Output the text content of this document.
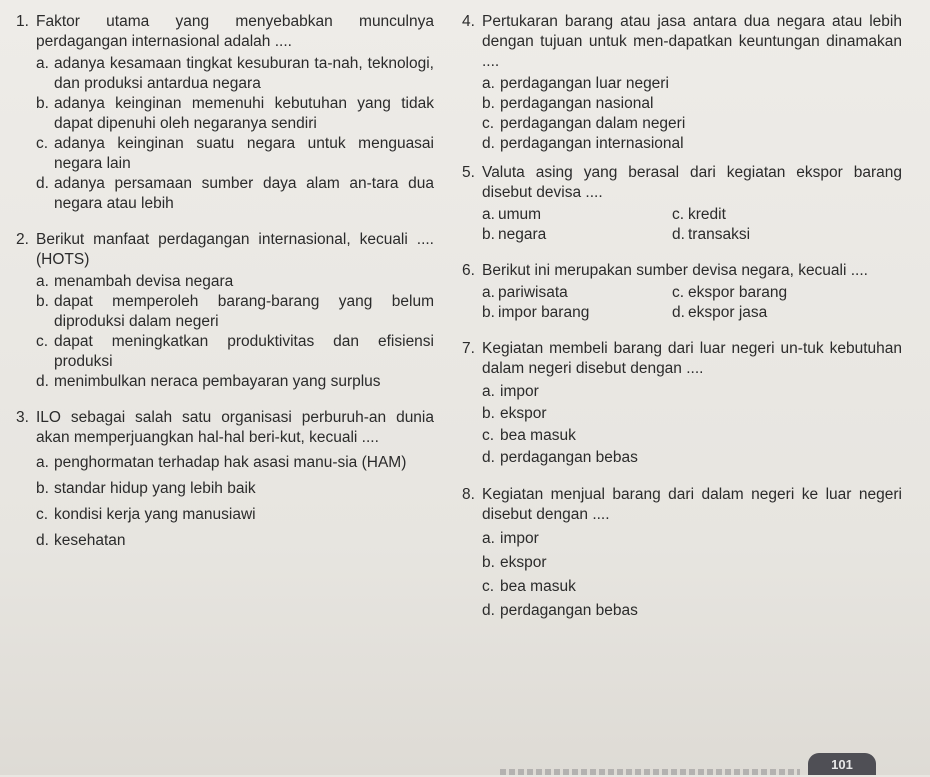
1. Faktor utama yang menyebabkan munculnya perdagangan internasional adalah ....
a. adanya kesamaan tingkat kesuburan ta-nah, teknologi, dan produksi antardua negara
b. adanya keinginan memenuhi kebutuhan yang tidak dapat dipenuhi oleh negaranya sendiri
c. adanya keinginan suatu negara untuk menguasai negara lain
d. adanya persamaan sumber daya alam an-tara dua negara atau lebih
2. Berikut manfaat perdagangan internasional, kecuali .... (HOTS)
a. menambah devisa negara
b. dapat memperoleh barang-barang yang belum diproduksi dalam negeri
c. dapat meningkatkan produktivitas dan efisiensi produksi
d. menimbulkan neraca pembayaran yang surplus
3. ILO sebagai salah satu organisasi perburuh-an dunia akan memperjuangkan hal-hal beri-kut, kecuali ....
a. penghormatan terhadap hak asasi manu-sia (HAM)
b. standar hidup yang lebih baik
c. kondisi kerja yang manusiawi
d. kesehatan
4. Pertukaran barang atau jasa antara dua negara atau lebih dengan tujuan untuk men-dapatkan keuntungan dinamakan ....
a. perdagangan luar negeri
b. perdagangan nasional
c. perdagangan dalam negeri
d. perdagangan internasional
5. Valuta asing yang berasal dari kegiatan ekspor barang disebut devisa ....
a. umum	c. kredit
b. negara	d. transaksi
6. Berikut ini merupakan sumber devisa negara, kecuali ....
a. pariwisata	c. ekspor barang
b. impor barang	d. ekspor jasa
7. Kegiatan membeli barang dari luar negeri un-tuk kebutuhan dalam negeri disebut dengan ....
a. impor
b. ekspor
c. bea masuk
d. perdagangan bebas
8. Kegiatan menjual barang dari dalam negeri ke luar negeri disebut dengan ....
a. impor
b. ekspor
c. bea masuk
d. perdagangan bebas
101
